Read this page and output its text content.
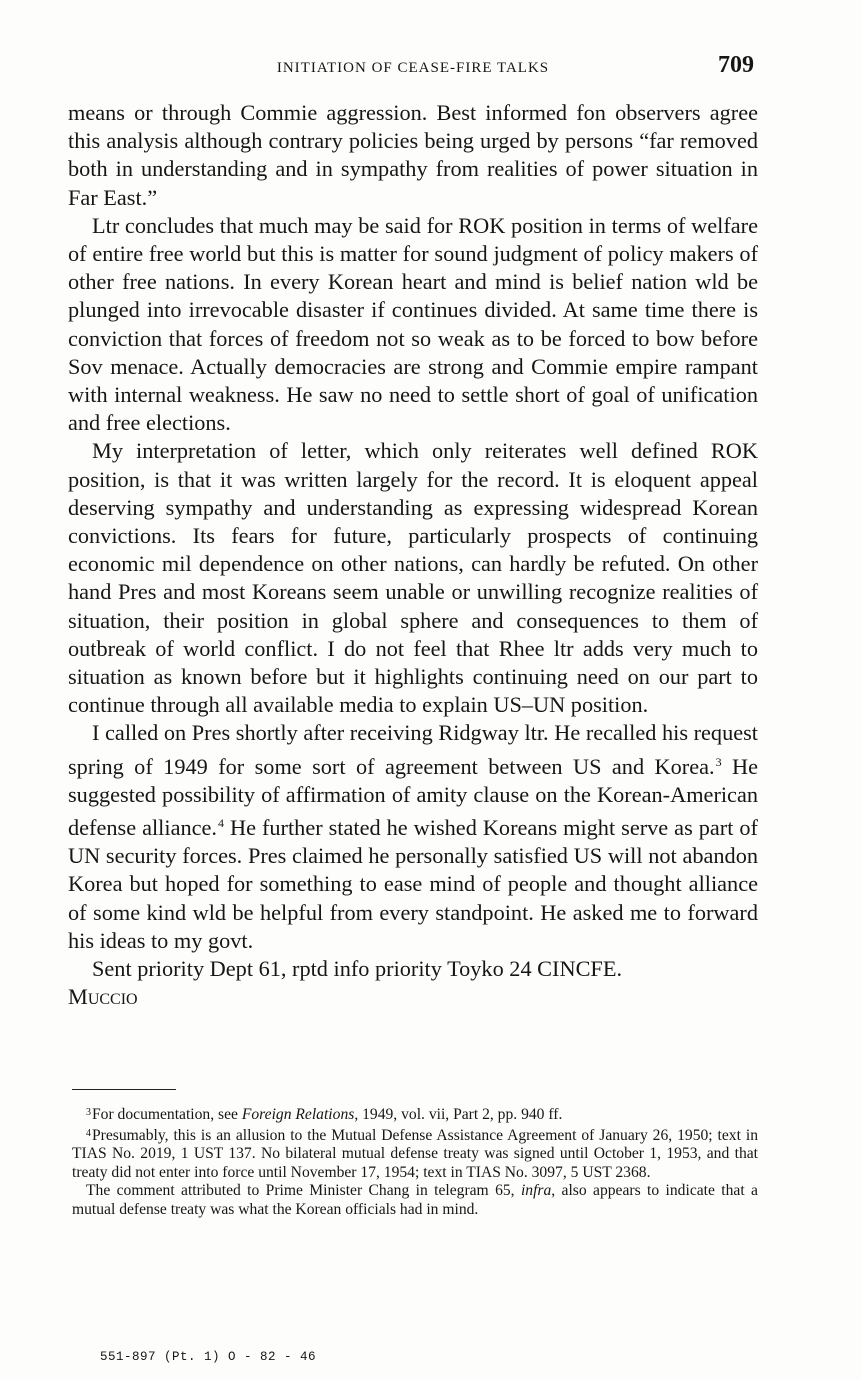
INITIATION OF CEASE-FIRE TALKS	709

means or through Commie aggression. Best informed fon observers agree this analysis although contrary policies being urged by persons “far removed both in understanding and in sympathy from realities of power situation in Far East.”

Ltr concludes that much may be said for ROK position in terms of welfare of entire free world but this is matter for sound judgment of policy makers of other free nations. In every Korean heart and mind is belief nation wld be plunged into irrevocable disaster if continues divided. At same time there is conviction that forces of freedom not so weak as to be forced to bow before Sov menace. Actually democracies are strong and Commie empire rampant with internal weakness. He saw no need to settle short of goal of unification and free elections.

My interpretation of letter, which only reiterates well defined ROK position, is that it was written largely for the record. It is eloquent appeal deserving sympathy and understanding as expressing widespread Korean convictions. Its fears for future, particularly prospects of continuing economic mil dependence on other nations, can hardly be refuted. On other hand Pres and most Koreans seem unable or unwilling recognize realities of situation, their position in global sphere and consequences to them of outbreak of world conflict. I do not feel that Rhee ltr adds very much to situation as known before but it highlights continuing need on our part to continue through all available media to explain US–UN position.

I called on Pres shortly after receiving Ridgway ltr. He recalled his request spring of 1949 for some sort of agreement between US and Korea.$^3$ He suggested possibility of affirmation of amity clause on the Korean-American defense alliance.$^4$ He further stated he wished Koreans might serve as part of UN security forces. Pres claimed he personally satisfied US will not abandon Korea but hoped for something to ease mind of people and thought alliance of some kind wld be helpful from every standpoint. He asked me to forward his ideas to my govt.

Sent priority Dept 61, rptd info priority Toyko 24 CINCFE.

Muccio

$^3$For documentation, see Foreign Relations, 1949, vol. vii, Part 2, pp. 940 ff.

$^4$Presumably, this is an allusion to the Mutual Defense Assistance Agreement of January 26, 1950; text in TIAS No. 2019, 1 UST 137. No bilateral mutual defense treaty was signed until October 1, 1953, and that treaty did not enter into force until November 17, 1954; text in TIAS No. 3097, 5 UST 2368.

The comment attributed to Prime Minister Chang in telegram 65, infra, also appears to indicate that a mutual defense treaty was what the Korean officials had in mind.

551-897 (Pt. 1) O - 82 - 46
